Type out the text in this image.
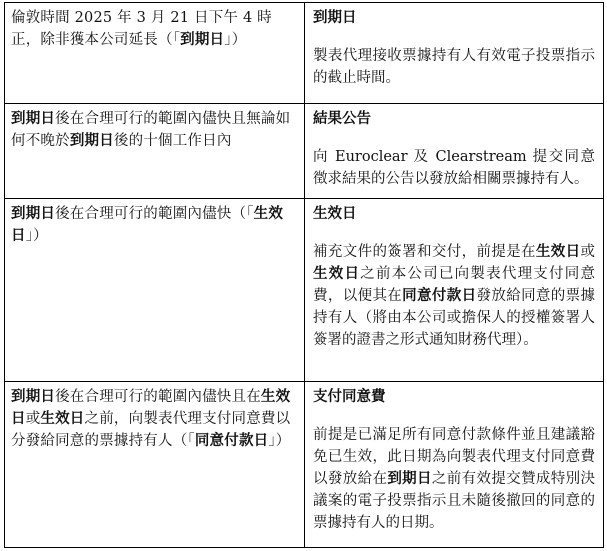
倫敦時間 2025 年 3 月 21 日下午 4 時正，除非獲本公司延長（「到期日」）

到期日

製表代理接收票據持有人有效電子投票指示的截止時間。

到期日後在合理可行的範圍內儘快且無論如何不晚於到期日後的十個工作日內

結果公告

向 Euroclear 及 Clearstream 提交同意徵求結果的公告以發放給相關票據持有人。

到期日後在合理可行的範圍內儘快（「生效日」）

生效日

補充文件的簽署和交付，前提是在生效日或生效日之前本公司已向製表代理支付同意費，以便其在同意付款日發放給同意的票據持有人（將由本公司或擔保人的授權簽署人簽署的證書之形式通知財務代理）。

到期日後在合理可行的範圍內儘快且在生效日或生效日之前，向製表代理支付同意費以分發給同意的票據持有人（「同意付款日」）

支付同意費

前提是已滿足所有同意付款條件並且建議豁免已生效，此日期為向製表代理支付同意費以發放給在到期日之前有效提交贊成特別決議案的電子投票指示且未隨後撤回的同意的票據持有人的日期。
